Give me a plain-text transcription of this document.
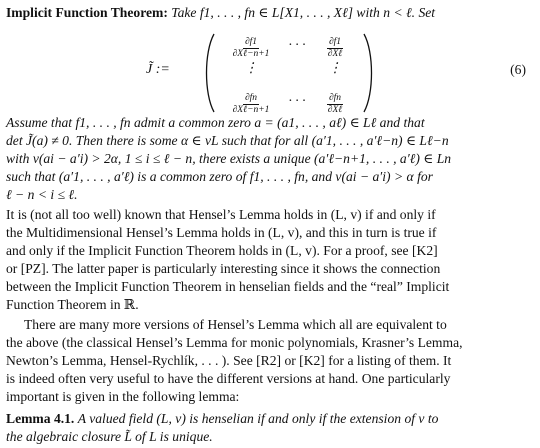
Implicit Function Theorem: Take f1, . . . , fn ∈ L[X1, . . . , Xℓ] with n < ℓ. Set
J̃ :=
$\frac{\partial f1}{\text{∂Xℓ−n+1}}$	· · ·	$\frac{\partial f1}{\text{∂Xℓ}}$
⋮	⋮
$\frac{\partial fn}{\text{∂Xℓ−n+1}}$	· · ·	$\frac{\partial fn}{\text{∂Xℓ}}$
(6)
Assume that f1, . . . , fn admit a common zero a = (a1, . . . , aℓ) ∈ Lℓ and that
det J̃(a) ≠ 0. Then there is some α ∈ vL such that for all (a′1, . . . , a′ℓ−n) ∈ Lℓ−n
with v(ai − a′i) > 2α, 1 ≤ i ≤ ℓ − n, there exists a unique (a′ℓ−n+1, . . . , a′ℓ) ∈ Ln
such that (a′1, . . . , a′ℓ) is a common zero of f1, . . . , fn, and v(ai − a′i) > α for
ℓ − n < i ≤ ℓ.
It is (not all too well) known that Hensel’s Lemma holds in (L, v) if and only if
the Multidimensional Hensel’s Lemma holds in (L, v), and this in turn is true if
and only if the Implicit Function Theorem holds in (L, v). For a proof, see [K2]
or [PZ]. The latter paper is particularly interesting since it shows the connection
between the Implicit Function Theorem in henselian fields and the “real” Implicit
Function Theorem in ℝ.
There are many more versions of Hensel’s Lemma which all are equivalent to
the above (the classical Hensel’s Lemma for monic polynomials, Krasner’s Lemma,
Newton’s Lemma, Hensel-Rychlík, . . . ). See [R2] or [K2] for a listing of them. It
is indeed often very useful to have the different versions at hand. One particularly
important is given in the following lemma:
Lemma 4.1. A valued field (L, v) is henselian if and only if the extension of v to
the algebraic closure L̃ of L is unique.
